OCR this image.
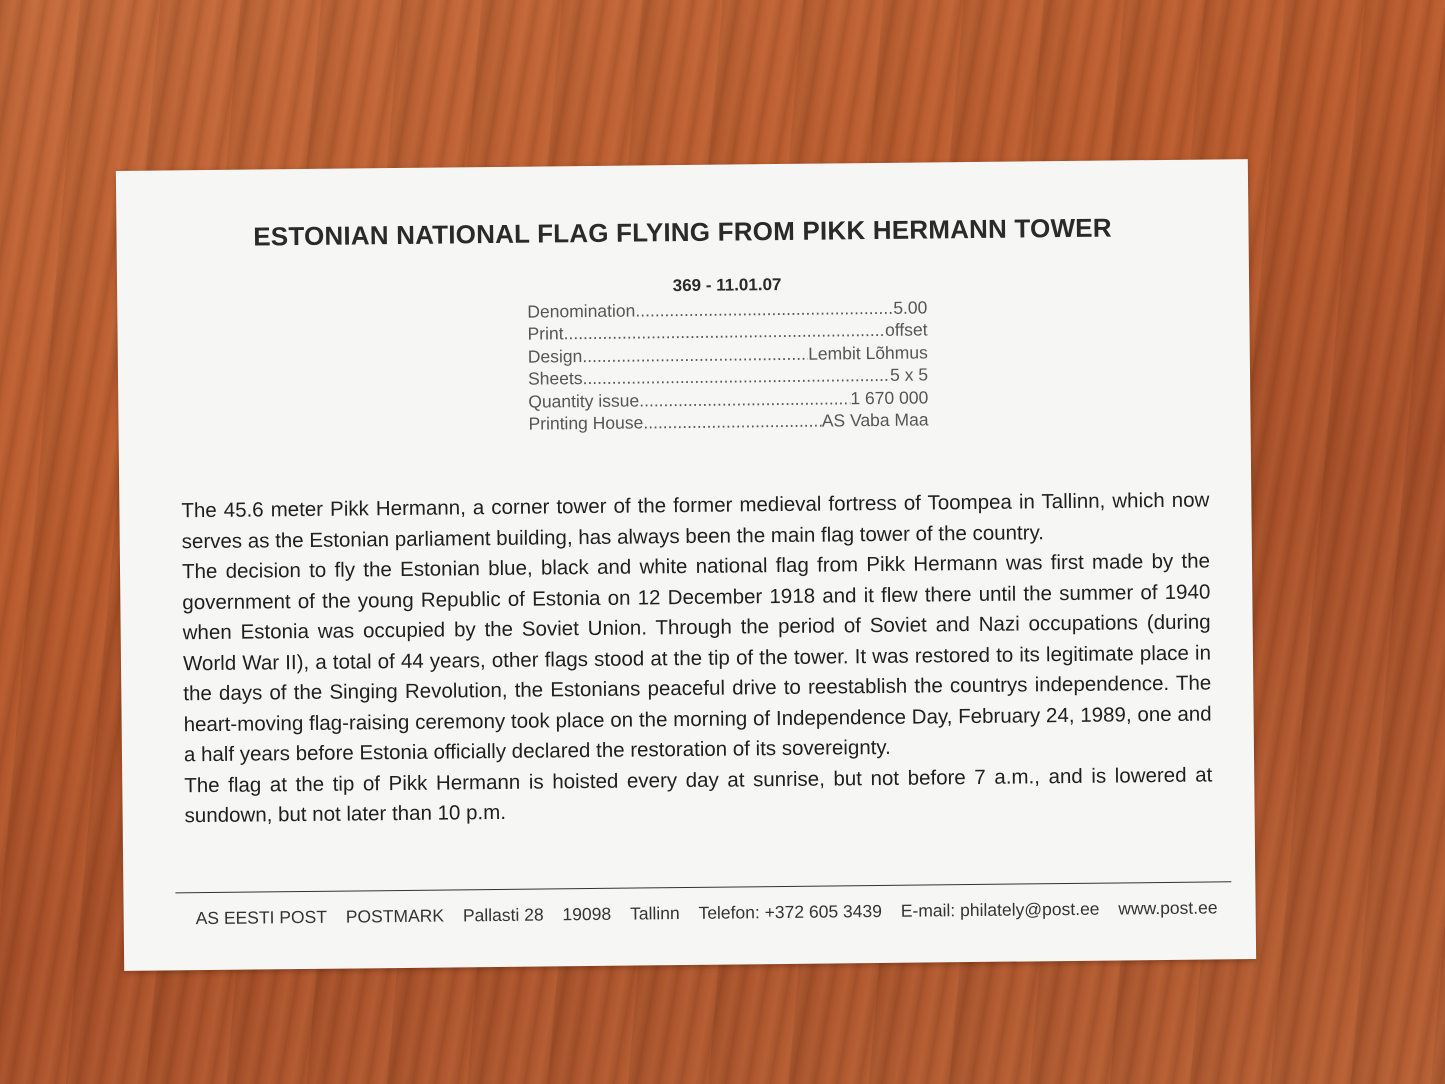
ESTONIAN NATIONAL FLAG FLYING FROM PIKK HERMANN TOWER
369 - 11.01.07
Denomination .....	5.00
Print .....	offset
Design .....	Lembit Lõhmus
Sheets .....	5 x 5
Quantity issue .....	1 670 000
Printing House .....	AS Vaba Maa

The 45.6 meter Pikk Hermann, a corner tower of the former medieval fortress of Toompea in Tallinn, which now serves as the Estonian parliament building, has always been the main flag tower of the country.

The decision to fly the Estonian blue, black and white national flag from Pikk Hermann was first made by the government of the young Republic of Estonia on 12 December 1918 and it flew there until the summer of 1940 when Estonia was occupied by the Soviet Union. Through the period of Soviet and Nazi occupations (during World War II), a total of 44 years, other flags stood at the tip of the tower. It was restored to its legitimate place in the days of the Singing Revolution, the Estonians peaceful drive to reestablish the countrys independence. The heart-moving flag-raising ceremony took place on the morning of Independence Day, February 24, 1989, one and a half years before Estonia officially declared the restoration of its sovereignty.

The flag at the tip of Pikk Hermann is hoisted every day at sunrise, but not before 7 a.m., and is lowered at sundown, but not later than 10 p.m.

AS EESTI POST POSTMARK Pallasti 28 19098 Tallinn Telefon: +372 605 3439 E-mail: philately@post.ee www.post.ee
